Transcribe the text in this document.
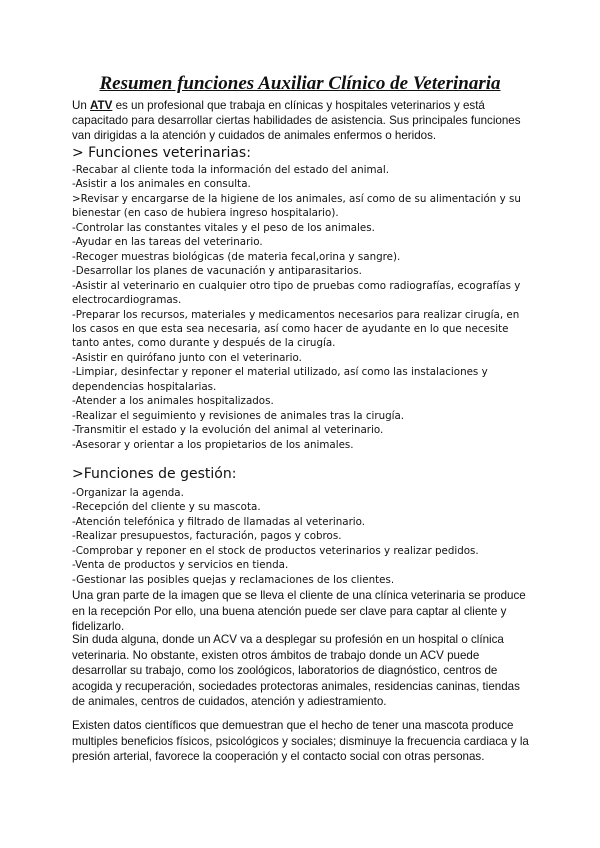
Resumen funciones Auxiliar Clínico de Veterinaria

Un ATV es un profesional que trabaja en clínicas y hospitales veterinarios y está capacitado para desarrollar ciertas habilidades de asistencia. Sus principales funciones van dirigidas a la atención y cuidados de animales enfermos o heridos.

> Funciones veterinarias:
-Recabar al cliente toda la información del estado del animal.
-Asistir a los animales en consulta.
>Revisar y encargarse de la higiene de los animales, así como de su alimentación y su bienestar (en caso de hubiera ingreso hospitalario).
-Controlar las constantes vitales y el peso de los animales.
-Ayudar en las tareas del veterinario.
-Recoger muestras biológicas (de materia fecal,orina y sangre).
-Desarrollar los planes de vacunación y antiparasitarios.
-Asistir al veterinario en cualquier otro tipo de pruebas como radiografías, ecografías y electrocardiogramas.
-Preparar los recursos, materiales y medicamentos necesarios para realizar cirugía, en los casos en que esta sea necesaria, así como hacer de ayudante en lo que necesite tanto antes, como durante y después de la cirugía.
-Asistir en quirófano junto con el veterinario.
-Limpiar, desinfectar y reponer el material utilizado, así como las instalaciones y dependencias hospitalarias.
-Atender a los animales hospitalizados.
-Realizar el seguimiento y revisiones de animales tras la cirugía.
-Transmitir el estado y la evolución del animal al veterinario.
-Asesorar y orientar a los propietarios de los animales.
>Funciones de gestión:
-Organizar la agenda.
-Recepción del cliente y su mascota.
-Atención telefónica y filtrado de llamadas al veterinario.
-Realizar presupuestos, facturación, pagos y cobros.
-Comprobar y reponer en el stock de productos veterinarios y realizar pedidos.
-Venta de productos y servicios en tienda.
-Gestionar las posibles quejas y reclamaciones de los clientes.

Una gran parte de la imagen que se lleva el cliente de una clínica veterinaria se produce en la recepción Por ello, una buena atención puede ser clave para captar al cliente y fidelizarlo.

Sin duda alguna, donde un ACV va a desplegar su profesión en un hospital o clínica veterinaria. No obstante, existen otros ámbitos de trabajo donde un ACV puede desarrollar su trabajo, como los zoológicos, laboratorios de diagnóstico, centros de acogida y recuperación, sociedades protectoras animales, residencias caninas, tiendas de animales, centros de cuidados, atención y adiestramiento.

Existen datos científicos que demuestran que el hecho de tener una mascota produce multiples beneficios físicos, psicológicos y sociales; disminuye la frecuencia cardiaca y la presión arterial, favorece la cooperación y el contacto social con otras personas.
